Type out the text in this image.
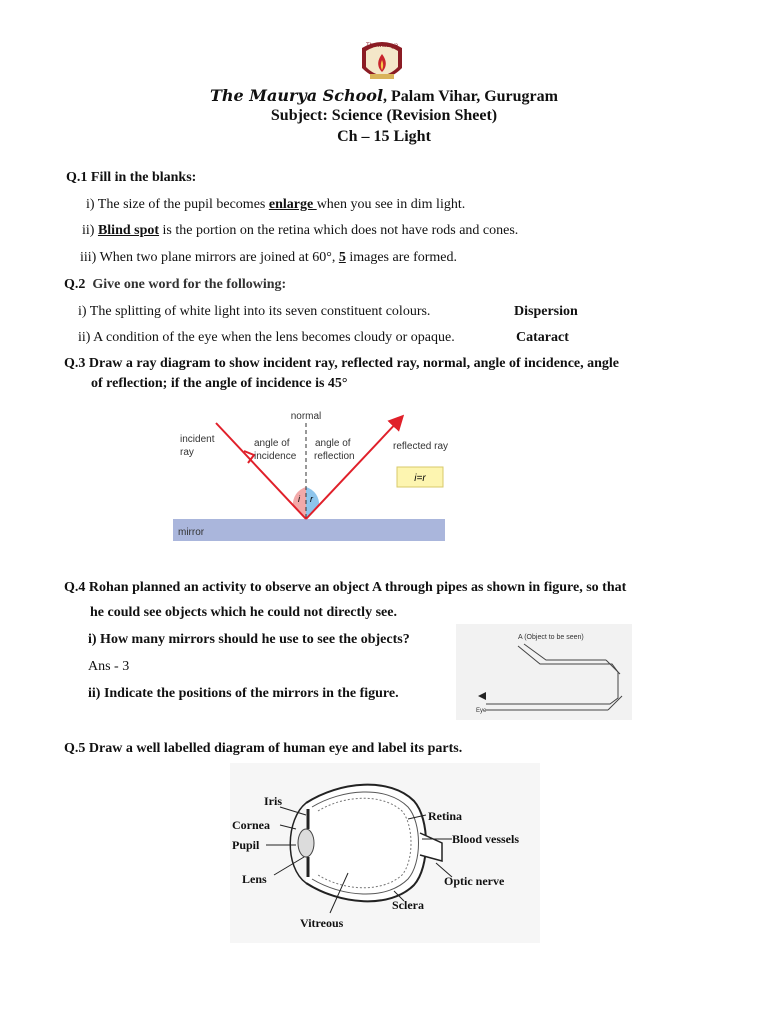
The Maurya
The Maurya School, Palam Vihar, Gurugram
Subject: Science (Revision Sheet)
Ch – 15 Light
Q.1 Fill in the blanks:
i) The size of the pupil becomes enlarge when you see in dim light.
ii) Blind spot is the portion on the retina which does not have rods and cones.
iii) When two plane mirrors are joined at 60°, 5 images are formed.
Q.2 Give one word for the following:
i) The splitting of white light into its seven constituent colours.	Dispersion
ii) A condition of the eye when the lens becomes cloudy or opaque.	Cataract
Q.3 Draw a ray diagram to show incident ray, reflected ray, normal, angle of incidence, angle
of reflection; if the angle of incidence is 45°
mirror
i r
normal
incident
ray
angle of
incidence
angle of
reflection
reflected ray
i=r
Q.4 Rohan planned an activity to observe an object A through pipes as shown in figure, so that
he could see objects which he could not directly see.
i) How many mirrors should he use to see the objects?
Ans - 3
ii) Indicate the positions of the mirrors in the figure.
A (Object to be seen)
Eye
Q.5 Draw a well labelled diagram of human eye and label its parts.
Iris
Cornea
Pupil
Lens
Vitreous
Retina
Blood vessels
Optic nerve
Sclera
